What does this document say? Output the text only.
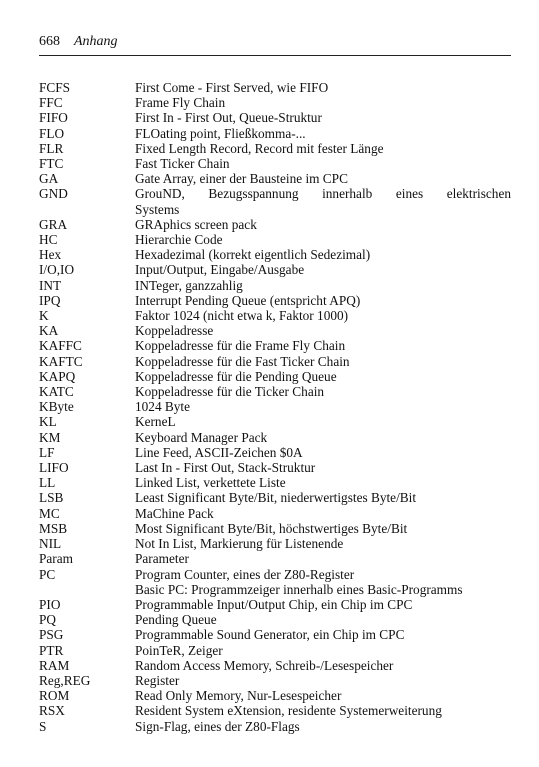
668 Anhang
FCFS	First Come - First Served, wie FIFO
FFC	Frame Fly Chain
FIFO	First In - First Out, Queue-Struktur
FLO	FLOating point, Fließkomma-...
FLR	Fixed Length Record, Record mit fester Länge
FTC	Fast Ticker Chain
GA	Gate Array, einer der Bausteine im CPC
GND	GrouND, Bezugsspannung innerhalb eines elektrischen
Systems
GRA	GRAphics screen pack
HC	Hierarchie Code
Hex	Hexadezimal (korrekt eigentlich Sedezimal)
I/O,IO	Input/Output, Eingabe/Ausgabe
INT	INTeger, ganzzahlig
IPQ	Interrupt Pending Queue (entspricht APQ)
K	Faktor 1024 (nicht etwa k, Faktor 1000)
KA	Koppeladresse
KAFFC	Koppeladresse für die Frame Fly Chain
KAFTC	Koppeladresse für die Fast Ticker Chain
KAPQ	Koppeladresse für die Pending Queue
KATC	Koppeladresse für die Ticker Chain
KByte	1024 Byte
KL	KerneL
KM	Keyboard Manager Pack
LF	Line Feed, ASCII-Zeichen $0A
LIFO	Last In - First Out, Stack-Struktur
LL	Linked List, verkettete Liste
LSB	Least Significant Byte/Bit, niederwertigstes Byte/Bit
MC	MaChine Pack
MSB	Most Significant Byte/Bit, höchstwertiges Byte/Bit
NIL	Not In List, Markierung für Listenende
Param	Parameter
PC	Program Counter, eines der Z80-Register
Basic PC: Programmzeiger innerhalb eines Basic-Programms
PIO	Programmable Input/Output Chip, ein Chip im CPC
PQ	Pending Queue
PSG	Programmable Sound Generator, ein Chip im CPC
PTR	PoinTeR, Zeiger
RAM	Random Access Memory, Schreib-/Lesespeicher
Reg,REG	Register
ROM	Read Only Memory, Nur-Lesespeicher
RSX	Resident System eXtension, residente Systemerweiterung
S	Sign-Flag, eines der Z80-Flags
